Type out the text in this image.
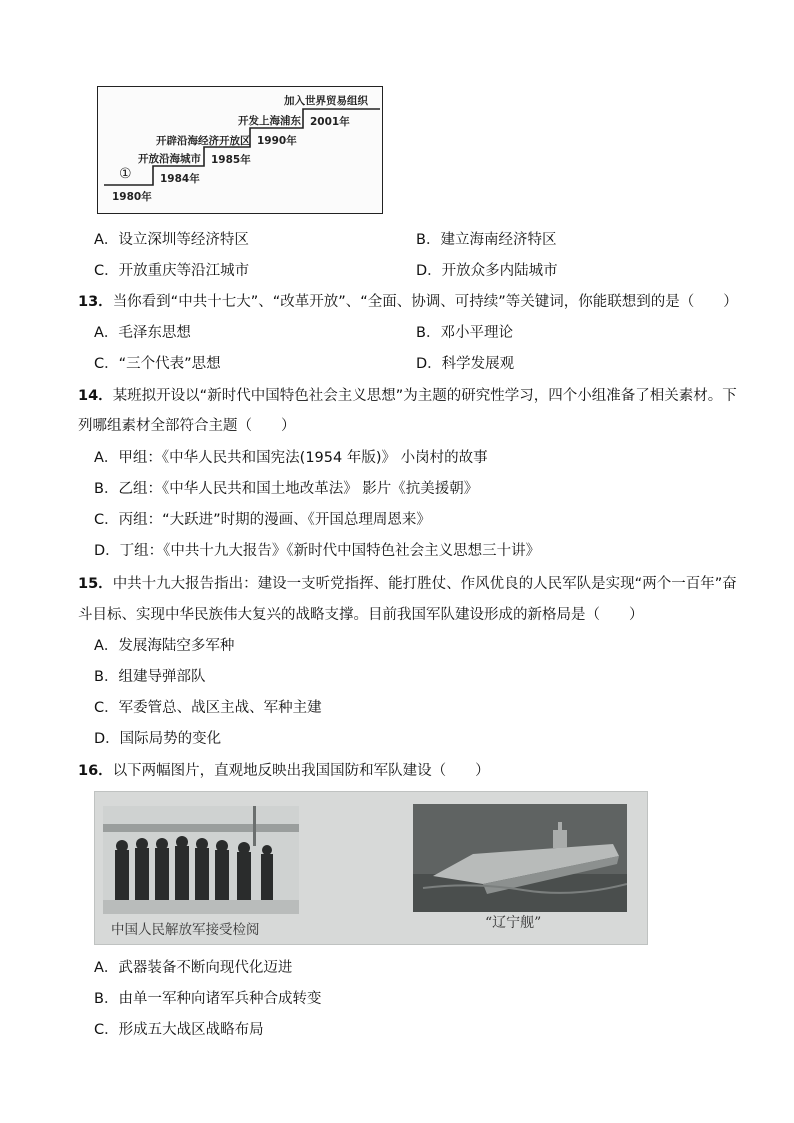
①
1980年
开放沿海城市
1984年
开辟沿海经济开放区
1985年
开发上海浦东
1990年
加入世界贸易组织
2001年
A．设立深圳等经济特区	B．建立海南经济特区
C．开放重庆等沿江城市	D．开放众多内陆城市
13．当你看到“中共十七大”、“改革开放”、“全面、协调、可持续”等关键词，你能联想到的是（　　）
A．毛泽东思想	B．邓小平理论
C．“三个代表”思想	D．科学发展观
14．某班拟开设以“新时代中国特色社会主义思想”为主题的研究性学习，四个小组准备了相关素材。下
列哪组素材全部符合主题（　　）
A．甲组：《中华人民共和国宪法(1954 年版)》 小岗村的故事
B．乙组：《中华人民共和国土地改革法》 影片《抗美援朝》
C．丙组：“大跃进”时期的漫画、《开国总理周恩来》
D．丁组：《中共十九大报告》《新时代中国特色社会主义思想三十讲》
15．中共十九大报告指出：建设一支听党指挥、能打胜仗、作风优良的人民军队是实现“两个一百年”奋
斗目标、实现中华民族伟大复兴的战略支撑。目前我国军队建设形成的新格局是（　　）
A．发展海陆空多军种
B．组建导弹部队
C．军委管总、战区主战、军种主建
D．国际局势的变化
16．以下两幅图片，直观地反映出我国国防和军队建设（　　）
中国人民解放军接受检阅	“辽宁舰”
A．武器装备不断向现代化迈进
B．由单一军种向诸军兵种合成转变
C．形成五大战区战略布局
